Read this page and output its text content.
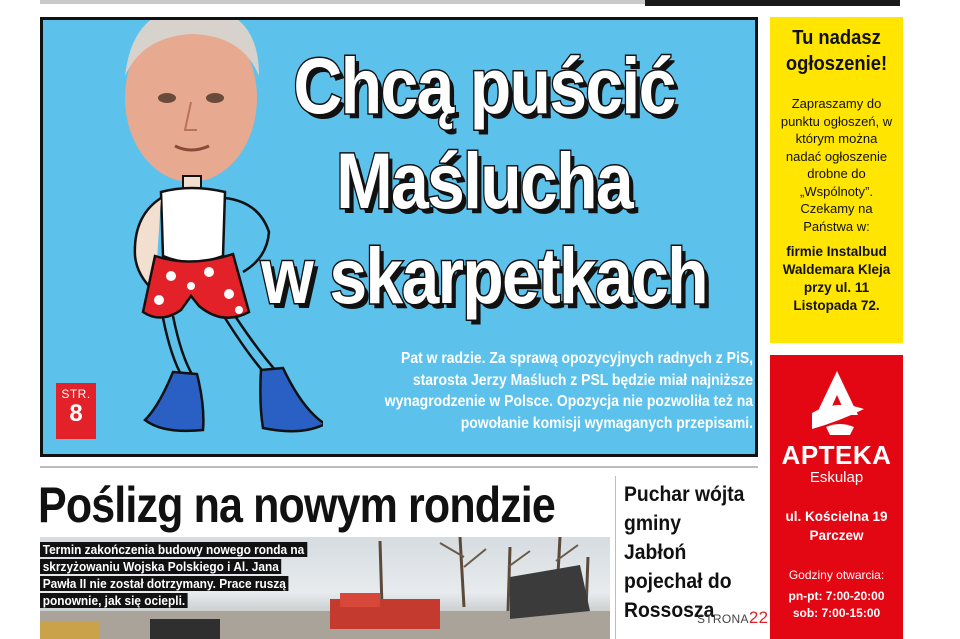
Chcą puścić
Maślucha
w skarpetkach
Pat w radzie. Za sprawą opozycyjnych radnych z PiS, starosta Jerzy Maśluch z PSL będzie miał najniższe wynagrodzenie w Polsce. Opozycja nie pozwoliła też na powołanie komisji wymaganych przepisami.
STR.
8
Tu nadasz ogłoszenie!
Zapraszamy do punktu ogłoszeń, w którym można nadać ogłoszenie drobne do „Wspólnoty”. Czekamy na Państwa w:
firmie Instalbud Waldemara Kleja przy ul. 11 Listopada 72.
APTEKA
Eskulap
ul. Kościelna 19
Parczew
Godziny otwarcia:
pn-pt: 7:00-20:00
sob: 7:00-15:00
Poślizg na nowym rondzie
Termin zakończenia budowy nowego ronda na skrzyżowaniu Wojska Polskiego i Al. Jana Pawła II nie został dotrzymany. Prace ruszą ponownie, jak się ociepli.
Puchar wójta gminy Jabłoń pojechał do Rossosza
STRONA22
